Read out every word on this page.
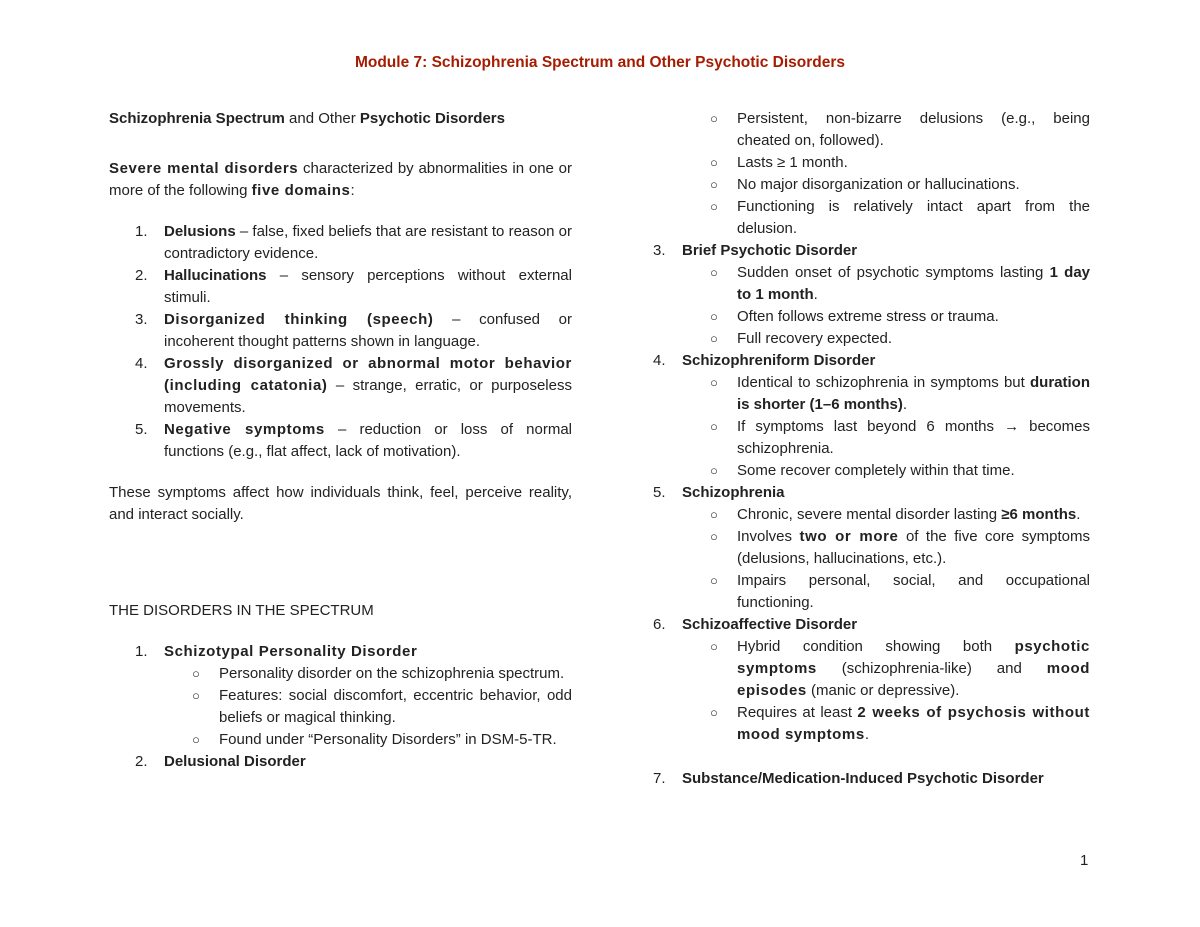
Module 7: Schizophrenia Spectrum and Other Psychotic Disorders

Schizophrenia Spectrum and Other Psychotic Disorders

Severe mental disorders characterized by abnormalities in one or more of the following five domains:

1. Delusions – false, fixed beliefs that are resistant to reason or contradictory evidence.
2. Hallucinations – sensory perceptions without external stimuli.
3. Disorganized thinking (speech) – confused or incoherent thought patterns shown in language.
4. Grossly disorganized or abnormal motor behavior (including catatonia) – strange, erratic, or purposeless movements.
5. Negative symptoms – reduction or loss of normal functions (e.g., flat affect, lack of motivation).

These symptoms affect how individuals think, feel, perceive reality, and interact socially.

THE DISORDERS IN THE SPECTRUM

1. Schizotypal Personality Disorder
○ Personality disorder on the schizophrenia spectrum.
○ Features: social discomfort, eccentric behavior, odd beliefs or magical thinking.
○ Found under “Personality Disorders” in DSM-5-TR.
2. Delusional Disorder
○ Persistent, non-bizarre delusions (e.g., being cheated on, followed).
○ Lasts ≥ 1 month.
○ No major disorganization or hallucinations.
○ Functioning is relatively intact apart from the delusion.
3. Brief Psychotic Disorder
○ Sudden onset of psychotic symptoms lasting 1 day to 1 month.
○ Often follows extreme stress or trauma.
○ Full recovery expected.
4. Schizophreniform Disorder
○ Identical to schizophrenia in symptoms but duration is shorter (1–6 months).
○ If symptoms last beyond 6 months → becomes schizophrenia.
○ Some recover completely within that time.
5. Schizophrenia
○ Chronic, severe mental disorder lasting ≥6 months.
○ Involves two or more of the five core symptoms (delusions, hallucinations, etc.).
○ Impairs personal, social, and occupational functioning.
6. Schizoaffective Disorder
○ Hybrid condition showing both psychotic symptoms (schizophrenia-like) and mood episodes (manic or depressive).
○ Requires at least 2 weeks of psychosis without mood symptoms.
7. Substance/Medication-Induced Psychotic Disorder
1
